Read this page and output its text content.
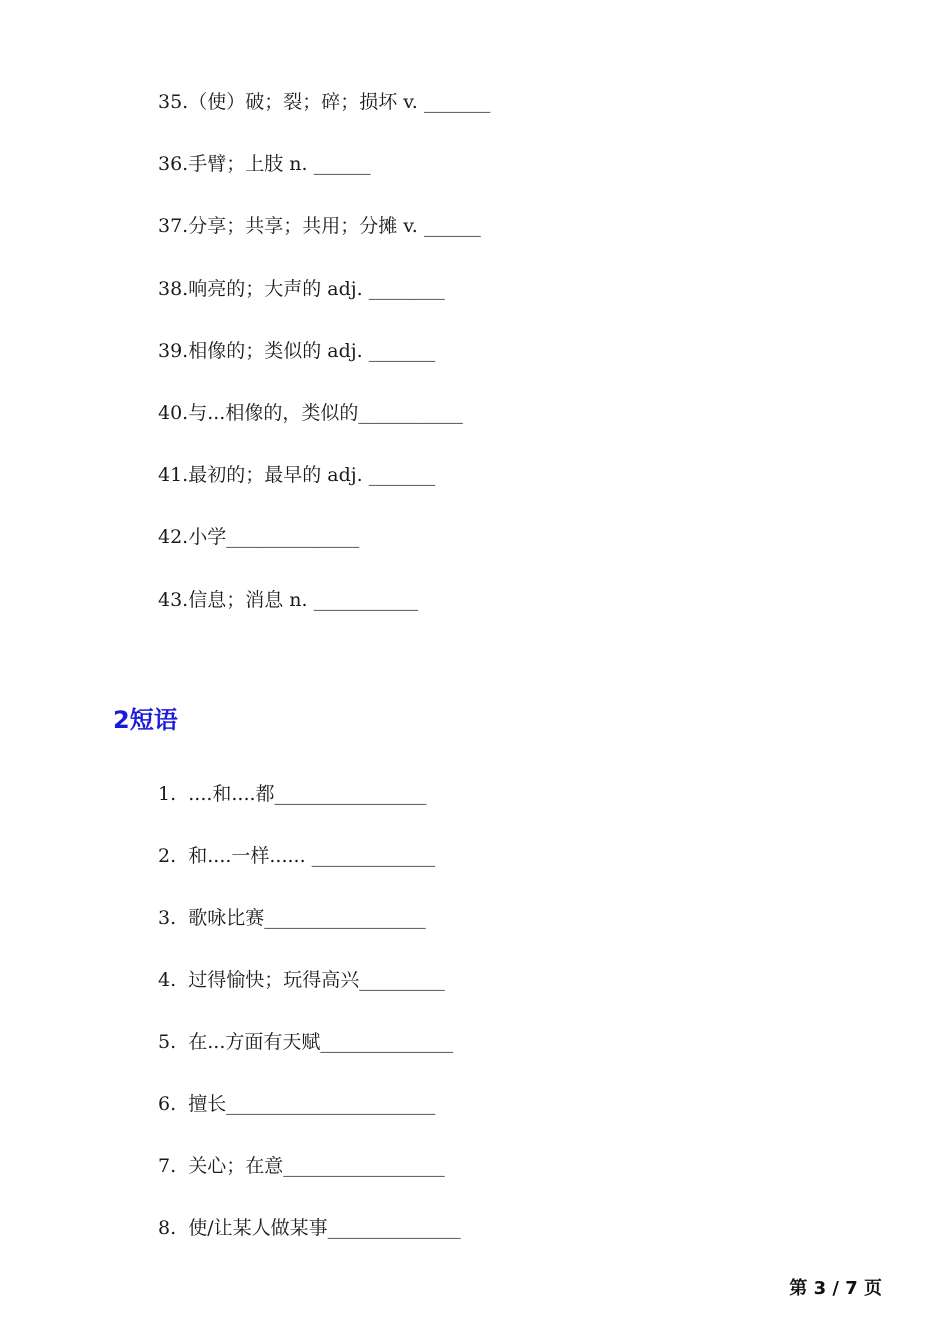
35.（使）破；裂；碎；损坏 v. _______
36.手臂；上肢 n. ______
37.分享；共享；共用；分摊 v. ______
38.响亮的；大声的 adj. ________
39.相像的；类似的 adj. _______
40.与...相像的，类似的___________
41.最初的；最早的 adj. _______
42.小学______________
43.信息；消息 n. ___________
2短语
1. ....和....都________________
2. 和....一样...... _____________
3. 歌咏比赛_________________
4. 过得愉快；玩得高兴_________
5. 在...方面有天赋______________
6. 擅长______________________
7. 关心；在意_________________
8. 使/让某人做某事______________
第 3 / 7 页
